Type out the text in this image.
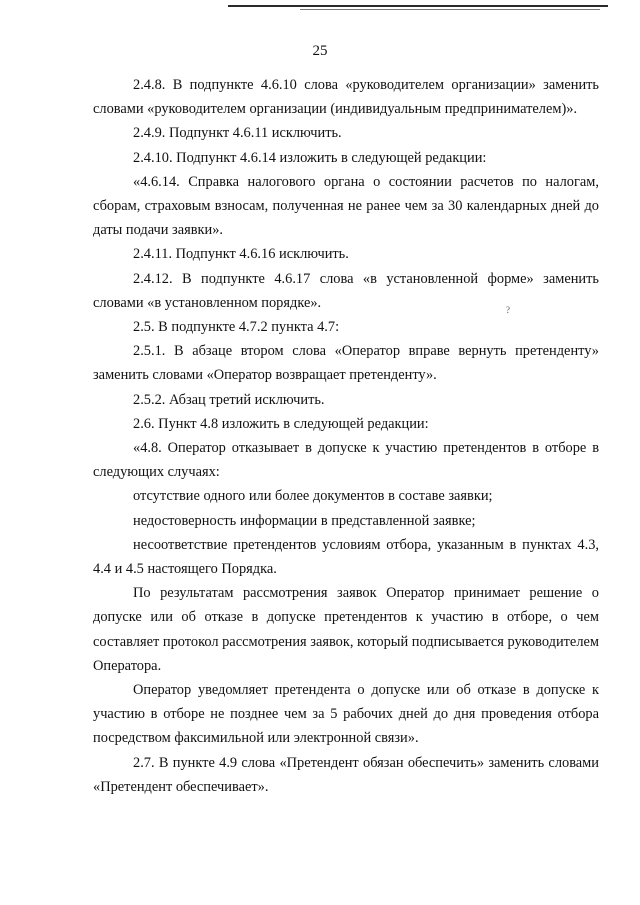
25
?

2.4.8. В подпункте 4.6.10 слова «руководителем организации» заменить словами «руководителем организации (индивидуальным предпринимателем)».

2.4.9. Подпункт 4.6.11 исключить.

2.4.10. Подпункт 4.6.14 изложить в следующей редакции:

«4.6.14. Справка налогового органа о состоянии расчетов по налогам, сборам, страховым взносам, полученная не ранее чем за 30 календарных дней до даты подачи заявки».

2.4.11. Подпункт 4.6.16 исключить.

2.4.12. В подпункте 4.6.17 слова «в установленной форме» заменить словами «в установленном порядке».

2.5. В подпункте 4.7.2 пункта 4.7:

2.5.1. В абзаце втором слова «Оператор вправе вернуть претенденту» заменить словами «Оператор возвращает претенденту».

2.5.2. Абзац третий исключить.

2.6. Пункт 4.8 изложить в следующей редакции:

«4.8. Оператор отказывает в допуске к участию претендентов в отборе в следующих случаях:

отсутствие одного или более документов в составе заявки;

недостоверность информации в представленной заявке;

несоответствие претендентов условиям отбора, указанным в пунктах 4.3, 4.4 и 4.5 настоящего Порядка.

По результатам рассмотрения заявок Оператор принимает решение о допуске или об отказе в допуске претендентов к участию в отборе, о чем составляет протокол рассмотрения заявок, который подписывается руководителем Оператора.

Оператор уведомляет претендента о допуске или об отказе в допуске к участию в отборе не позднее чем за 5 рабочих дней до дня проведения отбора посредством факсимильной или электронной связи».

2.7. В пункте 4.9 слова «Претендент обязан обеспечить» заменить словами «Претендент обеспечивает».
